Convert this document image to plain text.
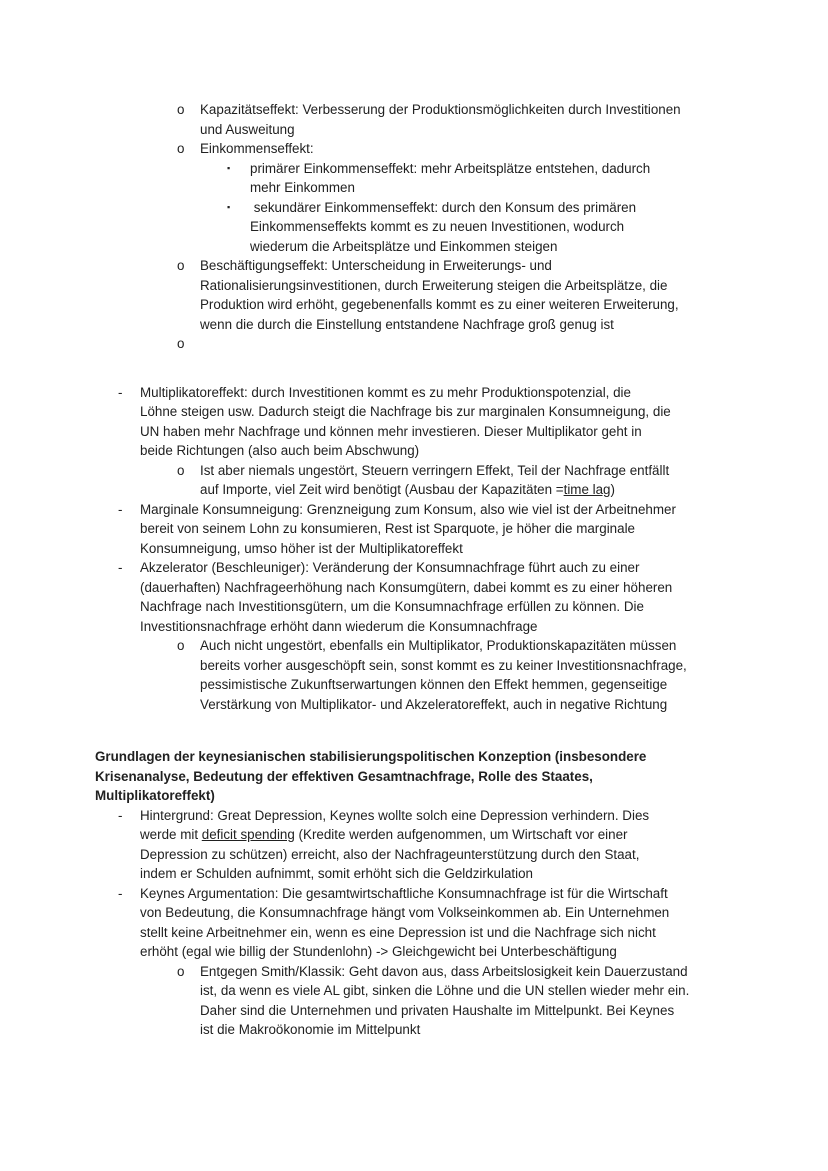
o	Kapazitätseffekt: Verbesserung der Produktionsmöglichkeiten durch Investitionen
und Ausweitung
o	Einkommenseffekt:
▪	primärer Einkommenseffekt: mehr Arbeitsplätze entstehen, dadurch
mehr Einkommen
▪	sekundärer Einkommenseffekt: durch den Konsum des primären
Einkommenseffekts kommt es zu neuen Investitionen, wodurch
wiederum die Arbeitsplätze und Einkommen steigen
o	Beschäftigungseffekt: Unterscheidung in Erweiterungs- und
Rationalisierungsinvestitionen, durch Erweiterung steigen die Arbeitsplätze, die
Produktion wird erhöht, gegebenenfalls kommt es zu einer weiteren Erweiterung,
wenn die durch die Einstellung entstandene Nachfrage groß genug ist
o
-	Multiplikatoreffekt: durch Investitionen kommt es zu mehr Produktionspotenzial, die
Löhne steigen usw. Dadurch steigt die Nachfrage bis zur marginalen Konsumneigung, die
UN haben mehr Nachfrage und können mehr investieren. Dieser Multiplikator geht in
beide Richtungen (also auch beim Abschwung)
o	Ist aber niemals ungestört, Steuern verringern Effekt, Teil der Nachfrage entfällt
auf Importe, viel Zeit wird benötigt (Ausbau der Kapazitäten =time lag)
-	Marginale Konsumneigung: Grenzneigung zum Konsum, also wie viel ist der Arbeitnehmer
bereit von seinem Lohn zu konsumieren, Rest ist Sparquote, je höher die marginale
Konsumneigung, umso höher ist der Multiplikatoreffekt
-	Akzelerator (Beschleuniger): Veränderung der Konsumnachfrage führt auch zu einer
(dauerhaften) Nachfrageerhöhung nach Konsumgütern, dabei kommt es zu einer höheren
Nachfrage nach Investitionsgütern, um die Konsumnachfrage erfüllen zu können. Die
Investitionsnachfrage erhöht dann wiederum die Konsumnachfrage
o	Auch nicht ungestört, ebenfalls ein Multiplikator, Produktionskapazitäten müssen
bereits vorher ausgeschöpft sein, sonst kommt es zu keiner Investitionsnachfrage,
pessimistische Zukunftserwartungen können den Effekt hemmen, gegenseitige
Verstärkung von Multiplikator- und Akzeleratoreffekt, auch in negative Richtung
Grundlagen der keynesianischen stabilisierungspolitischen Konzeption (insbesondere
Krisenanalyse, Bedeutung der effektiven Gesamtnachfrage, Rolle des Staates,
Multiplikatoreffekt)
-	Hintergrund: Great Depression, Keynes wollte solch eine Depression verhindern. Dies
werde mit deficit spending (Kredite werden aufgenommen, um Wirtschaft vor einer
Depression zu schützen) erreicht, also der Nachfrageunterstützung durch den Staat,
indem er Schulden aufnimmt, somit erhöht sich die Geldzirkulation
-	Keynes Argumentation: Die gesamtwirtschaftliche Konsumnachfrage ist für die Wirtschaft
von Bedeutung, die Konsumnachfrage hängt vom Volkseinkommen ab. Ein Unternehmen
stellt keine Arbeitnehmer ein, wenn es eine Depression ist und die Nachfrage sich nicht
erhöht (egal wie billig der Stundenlohn) -> Gleichgewicht bei Unterbeschäftigung
o	Entgegen Smith/Klassik: Geht davon aus, dass Arbeitslosigkeit kein Dauerzustand
ist, da wenn es viele AL gibt, sinken die Löhne und die UN stellen wieder mehr ein.
Daher sind die Unternehmen und privaten Haushalte im Mittelpunkt. Bei Keynes
ist die Makroökonomie im Mittelpunkt
